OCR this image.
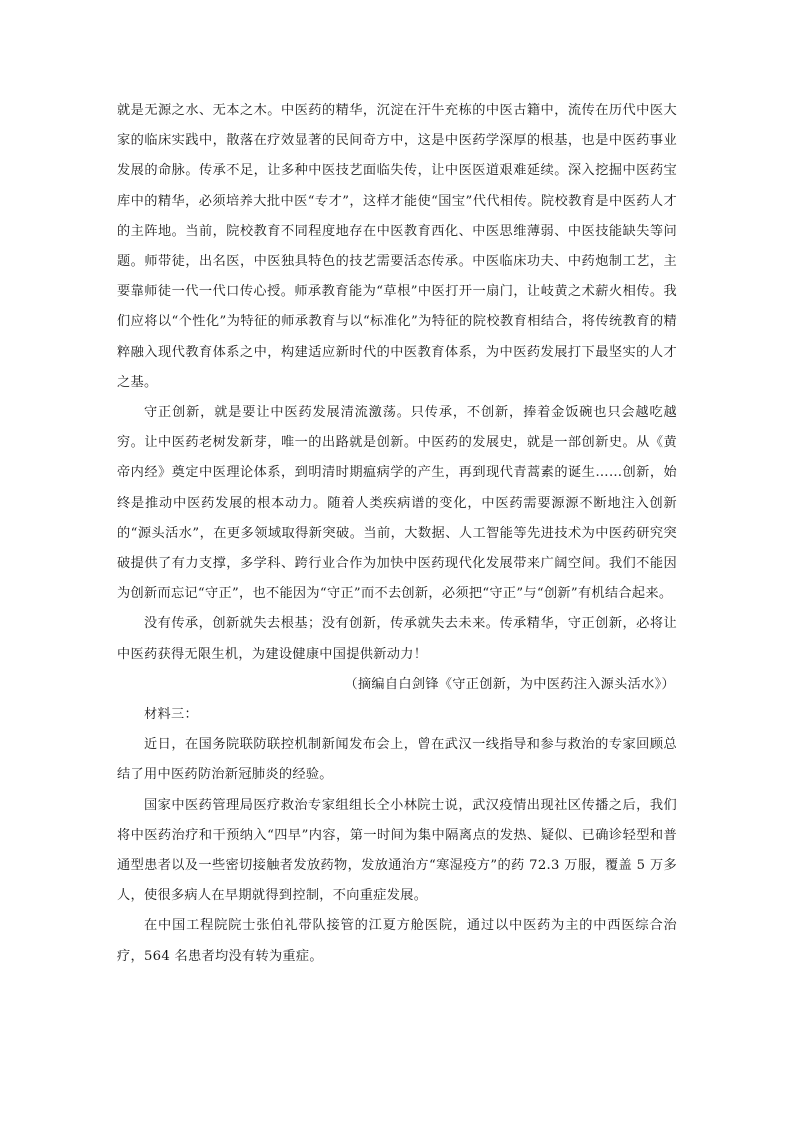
就是无源之水、无本之木。中医药的精华，沉淀在汗牛充栋的中医古籍中，流传在历代中医大家的临床实践中，散落在疗效显著的民间奇方中，这是中医药学深厚的根基，也是中医药事业发展的命脉。传承不足，让多种中医技艺面临失传，让中医医道艰难延续。深入挖掘中医药宝库中的精华，必须培养大批中医“专才”，这样才能使“国宝”代代相传。院校教育是中医药人才的主阵地。当前，院校教育不同程度地存在中医教育西化、中医思维薄弱、中医技能缺失等问题。师带徒，出名医，中医独具特色的技艺需要活态传承。中医临床功夫、中药炮制工艺，主要靠师徒一代一代口传心授。师承教育能为“草根”中医打开一扇门，让岐黄之术薪火相传。我们应将以“个性化”为特征的师承教育与以“标准化”为特征的院校教育相结合，将传统教育的精粹融入现代教育体系之中，构建适应新时代的中医教育体系，为中医药发展打下最坚实的人才之基。

守正创新，就是要让中医药发展清流激荡。只传承，不创新，捧着金饭碗也只会越吃越穷。让中医药老树发新芽，唯一的出路就是创新。中医药的发展史，就是一部创新史。从《黄帝内经》奠定中医理论体系，到明清时期瘟病学的产生，再到现代青蒿素的诞生……创新，始终是推动中医药发展的根本动力。随着人类疾病谱的变化，中医药需要源源不断地注入创新的“源头活水”，在更多领域取得新突破。当前，大数据、人工智能等先进技术为中医药研究突破提供了有力支撑，多学科、跨行业合作为加快中医药现代化发展带来广阔空间。我们不能因为创新而忘记“守正”，也不能因为“守正”而不去创新，必须把“守正”与“创新”有机结合起来。

没有传承，创新就失去根基；没有创新，传承就失去未来。传承精华，守正创新，必将让中医药获得无限生机，为建设健康中国提供新动力！

（摘编自白剑锋《守正创新，为中医药注入源头活水》）

材料三：

近日，在国务院联防联控机制新闻发布会上，曾在武汉一线指导和参与救治的专家回顾总结了用中医药防治新冠肺炎的经验。

国家中医药管理局医疗救治专家组组长仝小林院士说，武汉疫情出现社区传播之后，我们将中医药治疗和干预纳入“四早”内容，第一时间为集中隔离点的发热、疑似、已确诊轻型和普通型患者以及一些密切接触者发放药物，发放通治方“寒湿疫方”的药 72.3 万服，覆盖 5 万多人，使很多病人在早期就得到控制，不向重症发展。

在中国工程院院士张伯礼带队接管的江夏方舱医院，通过以中医药为主的中西医综合治疗，564 名患者均没有转为重症。
